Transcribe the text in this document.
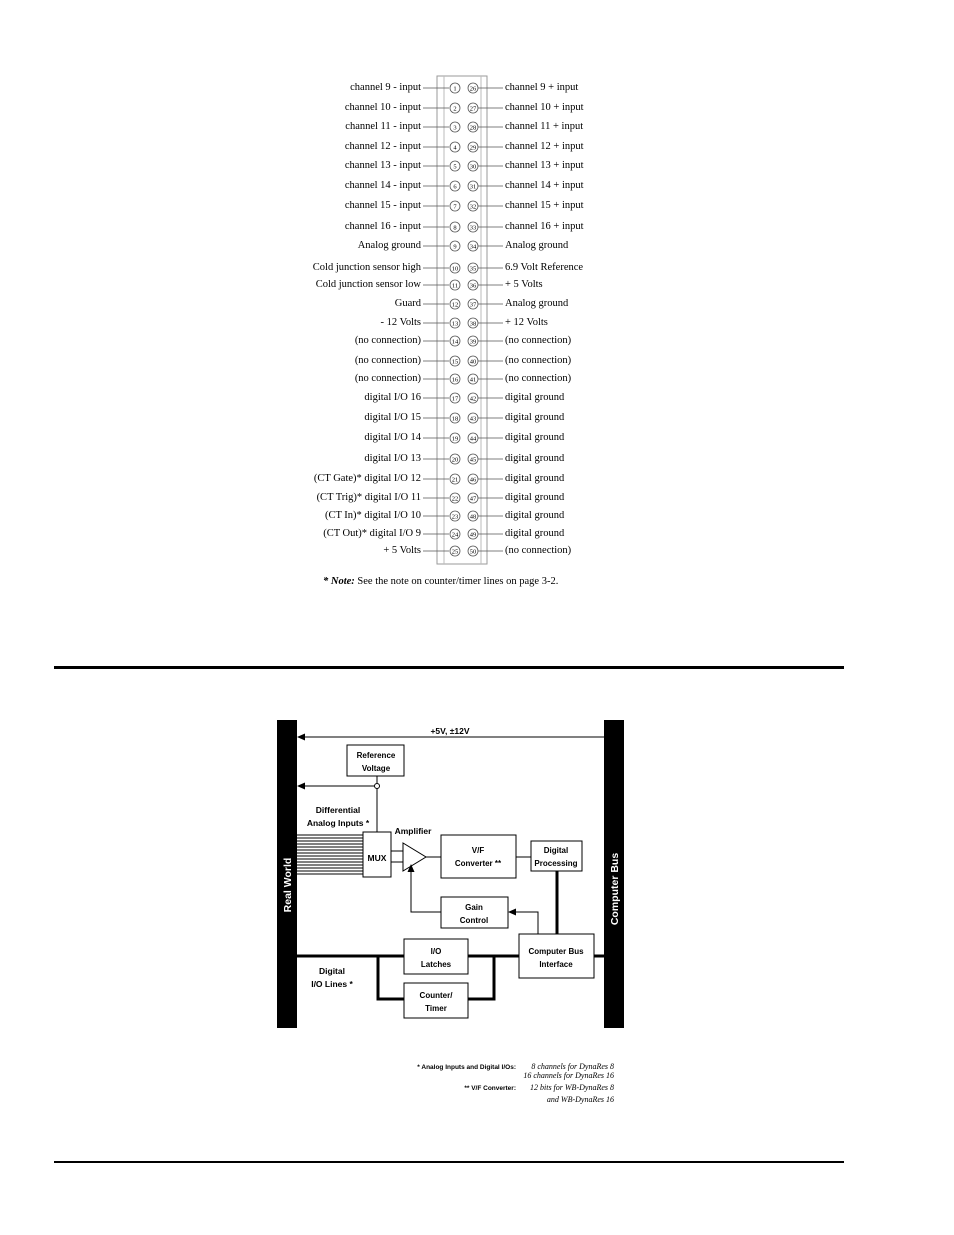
channel 9 - input	1 26	channel 9 + input
channel 10 - input	2 27	channel 10 + input
channel 11 - input	3 28	channel 11 + input
channel 12 - input	4 29	channel 12 + input
channel 13 - input	5 30	channel 13 + input
channel 14 - input	6 31	channel 14 + input
channel 15 - input	7 32	channel 15 + input
channel 16 - input	8 33	channel 16 + input
Analog ground	9 34	Analog ground
Cold junction sensor high	10 35	6.9 Volt Reference
Cold junction sensor low	11 36	+ 5 Volts
Guard	12 37	Analog ground
- 12 Volts	13 38	+ 12 Volts
(no connection)	14 39	(no connection)
(no connection)	15 40	(no connection)
(no connection)	16 41	(no connection)
digital I/O 16	17 42	digital ground
digital I/O 15	18 43	digital ground
digital I/O 14	19 44	digital ground
digital I/O 13	20 45	digital ground
(CT Gate)* digital I/O 12	21 46	digital ground
(CT Trig)* digital I/O 11	22 47	digital ground
(CT In)* digital I/O 10	23 48	digital ground
(CT Out)* digital I/O 9	24 49	digital ground
+ 5 Volts	25 50	(no connection)
* Note: See the note on counter/timer lines on page 3-2.
Real World	Computer Bus
+5V, ±12V
Reference
Voltage
Differential
Analog Inputs *
MUX
Amplifier
V/F
Converter **
Digital
Processing
Gain
Control
I/O
Latches
Computer Bus
Interface
Counter/
Timer
Digital
I/O Lines *
* Analog Inputs and Digital I/Os: 8 channels for DynaRes 8
16 channels for DynaRes 16
** V/F Converter: 12 bits for WB-DynaRes 8
and WB-DynaRes 16
